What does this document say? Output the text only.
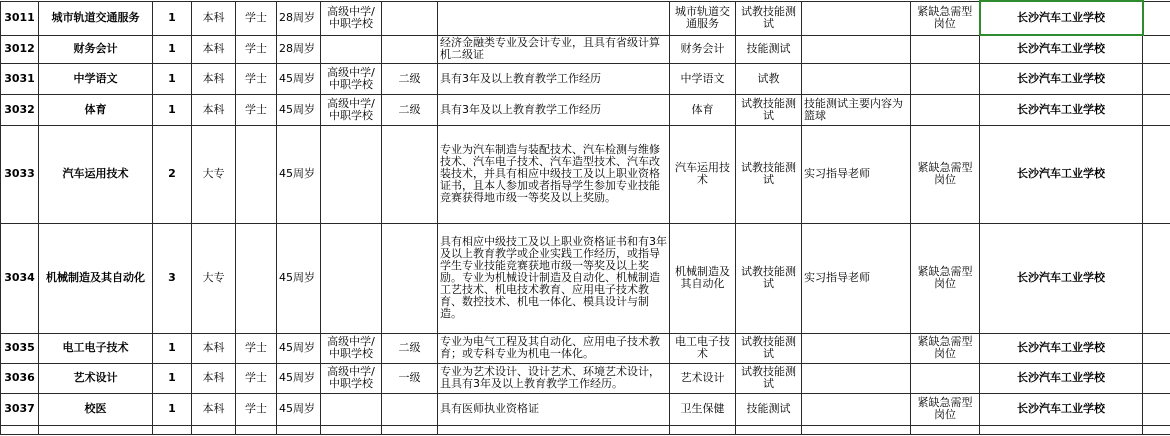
3011	城市轨道交通服务	1	本科	学士	28周岁	高级中学/中职学校			城市轨道交通服务	试教技能测试		紧缺急需型岗位	长沙汽车工业学校	
3012	财务会计	1	本科	学士	28周岁			经济金融类专业及会计专业，且具有省级计算机二级证	财务会计	技能测试			长沙汽车工业学校	
3031	中学语文	1	本科	学士	45周岁	高级中学/中职学校	二级	具有3年及以上教育教学工作经历	中学语文	试教			长沙汽车工业学校	
3032	体育	1	本科	学士	45周岁	高级中学/中职学校	二级	具有3年及以上教育教学工作经历	体育	试教技能测试	技能测试主要内容为篮球		长沙汽车工业学校	
3033	汽车运用技术	2	大专		45周岁			专业为汽车制造与装配技术、汽车检测与维修技术、汽车电子技术、汽车造型技术、汽车改装技术，并具有相应中级技工及以上职业资格证书，且本人参加或者指导学生参加专业技能竞赛获得地市级一等奖及以上奖励。	汽车运用技术	试教技能测试	实习指导老师	紧缺急需型岗位	长沙汽车工业学校	
3034	机械制造及其自动化	3	大专		45周岁			具有相应中级技工及以上职业资格证书和有3年及以上教育教学或企业实践工作经历，或指导学生专业技能竞赛获地市级一等奖及以上奖励。专业为机械设计制造及自动化、机械制造工艺技术、机电技术教育、应用电子技术教育、数控技术、机电一体化、模具设计与制造。	机械制造及其自动化	试教技能测试	实习指导老师	紧缺急需型岗位	长沙汽车工业学校	
3035	电工电子技术	1	本科	学士	45周岁	高级中学/中职学校	二级	专业为电气工程及其自动化、应用电子技术教育；或专科专业为机电一体化。	电工电子技术	试教技能测试		紧缺急需型岗位	长沙汽车工业学校	
3036	艺术设计	1	本科	学士	45周岁	高级中学/中职学校	一级	专业为艺术设计、设计艺术、环境艺术设计，且具有3年及以上教育教学工作经历。	艺术设计	试教技能测试			长沙汽车工业学校	
3037	校医	1	本科	学士	45周岁			具有医师执业资格证	卫生保健	技能测试		紧缺急需型岗位	长沙汽车工业学校	
